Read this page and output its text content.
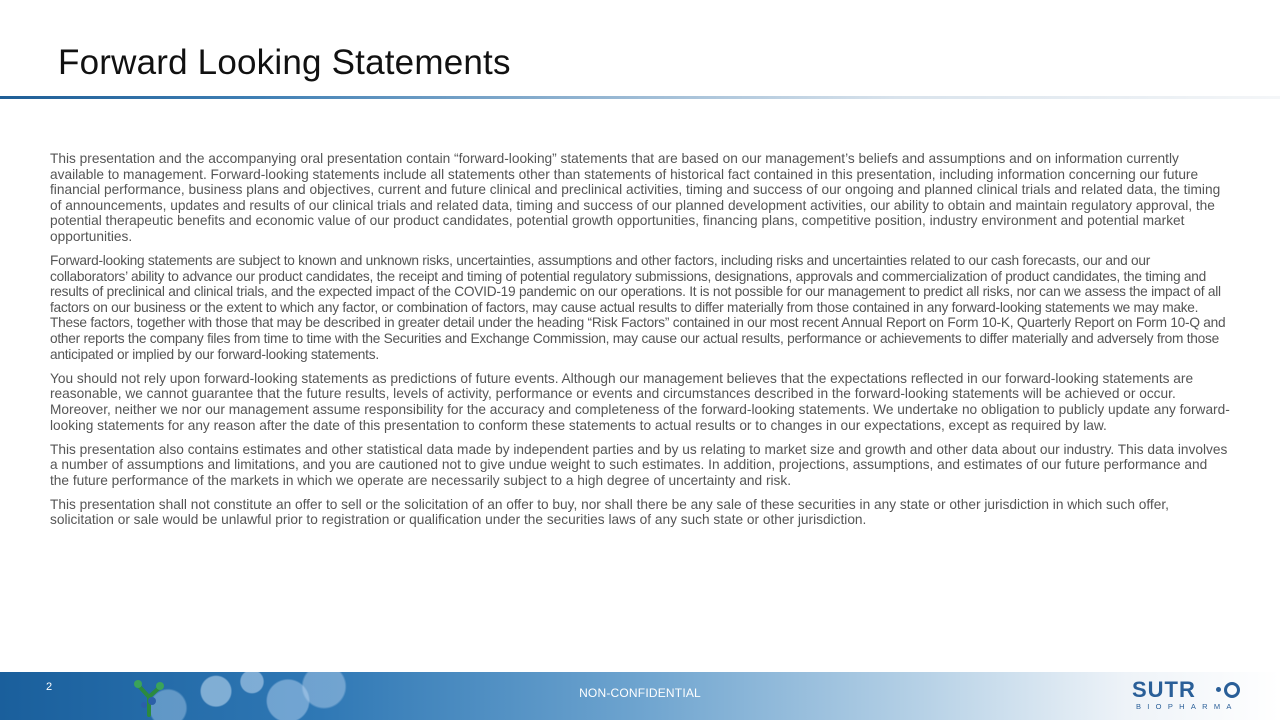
Forward Looking Statements

This presentation and the accompanying oral presentation contain “forward-looking” statements that are based on our management’s beliefs and assumptions and on information currently available to management. Forward-looking statements include all statements other than statements of historical fact contained in this presentation, including information concerning our future financial performance, business plans and objectives, current and future clinical and preclinical activities, timing and success of our ongoing and planned clinical trials and related data, the timing of announcements, updates and results of our clinical trials and related data, timing and success of our planned development activities, our ability to obtain and maintain regulatory approval, the potential therapeutic benefits and economic value of our product candidates, potential growth opportunities, financing plans, competitive position, industry environment and potential market opportunities.

Forward-looking statements are subject to known and unknown risks, uncertainties, assumptions and other factors, including risks and uncertainties related to our cash forecasts, our and our collaborators’ ability to advance our product candidates, the receipt and timing of potential regulatory submissions, designations, approvals and commercialization of product candidates, the timing and results of preclinical and clinical trials, and the expected impact of the COVID-19 pandemic on our operations. It is not possible for our management to predict all risks, nor can we assess the impact of all factors on our business or the extent to which any factor, or combination of factors, may cause actual results to differ materially from those contained in any forward-looking statements we may make. These factors, together with those that may be described in greater detail under the heading “Risk Factors” contained in our most recent Annual Report on Form 10-K, Quarterly Report on Form 10-Q and other reports the company files from time to time with the Securities and Exchange Commission, may cause our actual results, performance or achievements to differ materially and adversely from those anticipated or implied by our forward-looking statements.

You should not rely upon forward-looking statements as predictions of future events. Although our management believes that the expectations reflected in our forward-looking statements are reasonable, we cannot guarantee that the future results, levels of activity, performance or events and circumstances described in the forward-looking statements will be achieved or occur. Moreover, neither we nor our management assume responsibility for the accuracy and completeness of the forward-looking statements. We undertake no obligation to publicly update any forward-looking statements for any reason after the date of this presentation to conform these statements to actual results or to changes in our expectations, except as required by law.

This presentation also contains estimates and other statistical data made by independent parties and by us relating to market size and growth and other data about our industry. This data involves a number of assumptions and limitations, and you are cautioned not to give undue weight to such estimates. In addition, projections, assumptions, and estimates of our future performance and the future performance of the markets in which we operate are necessarily subject to a high degree of uncertainty and risk.

This presentation shall not constitute an offer to sell or the solicitation of an offer to buy, nor shall there be any sale of these securities in any state or other jurisdiction in which such offer, solicitation or sale would be unlawful prior to registration or qualification under the securities laws of any such state or other jurisdiction.

2	NON-CONFIDENTIAL	SUTR
BIOPHARMA
